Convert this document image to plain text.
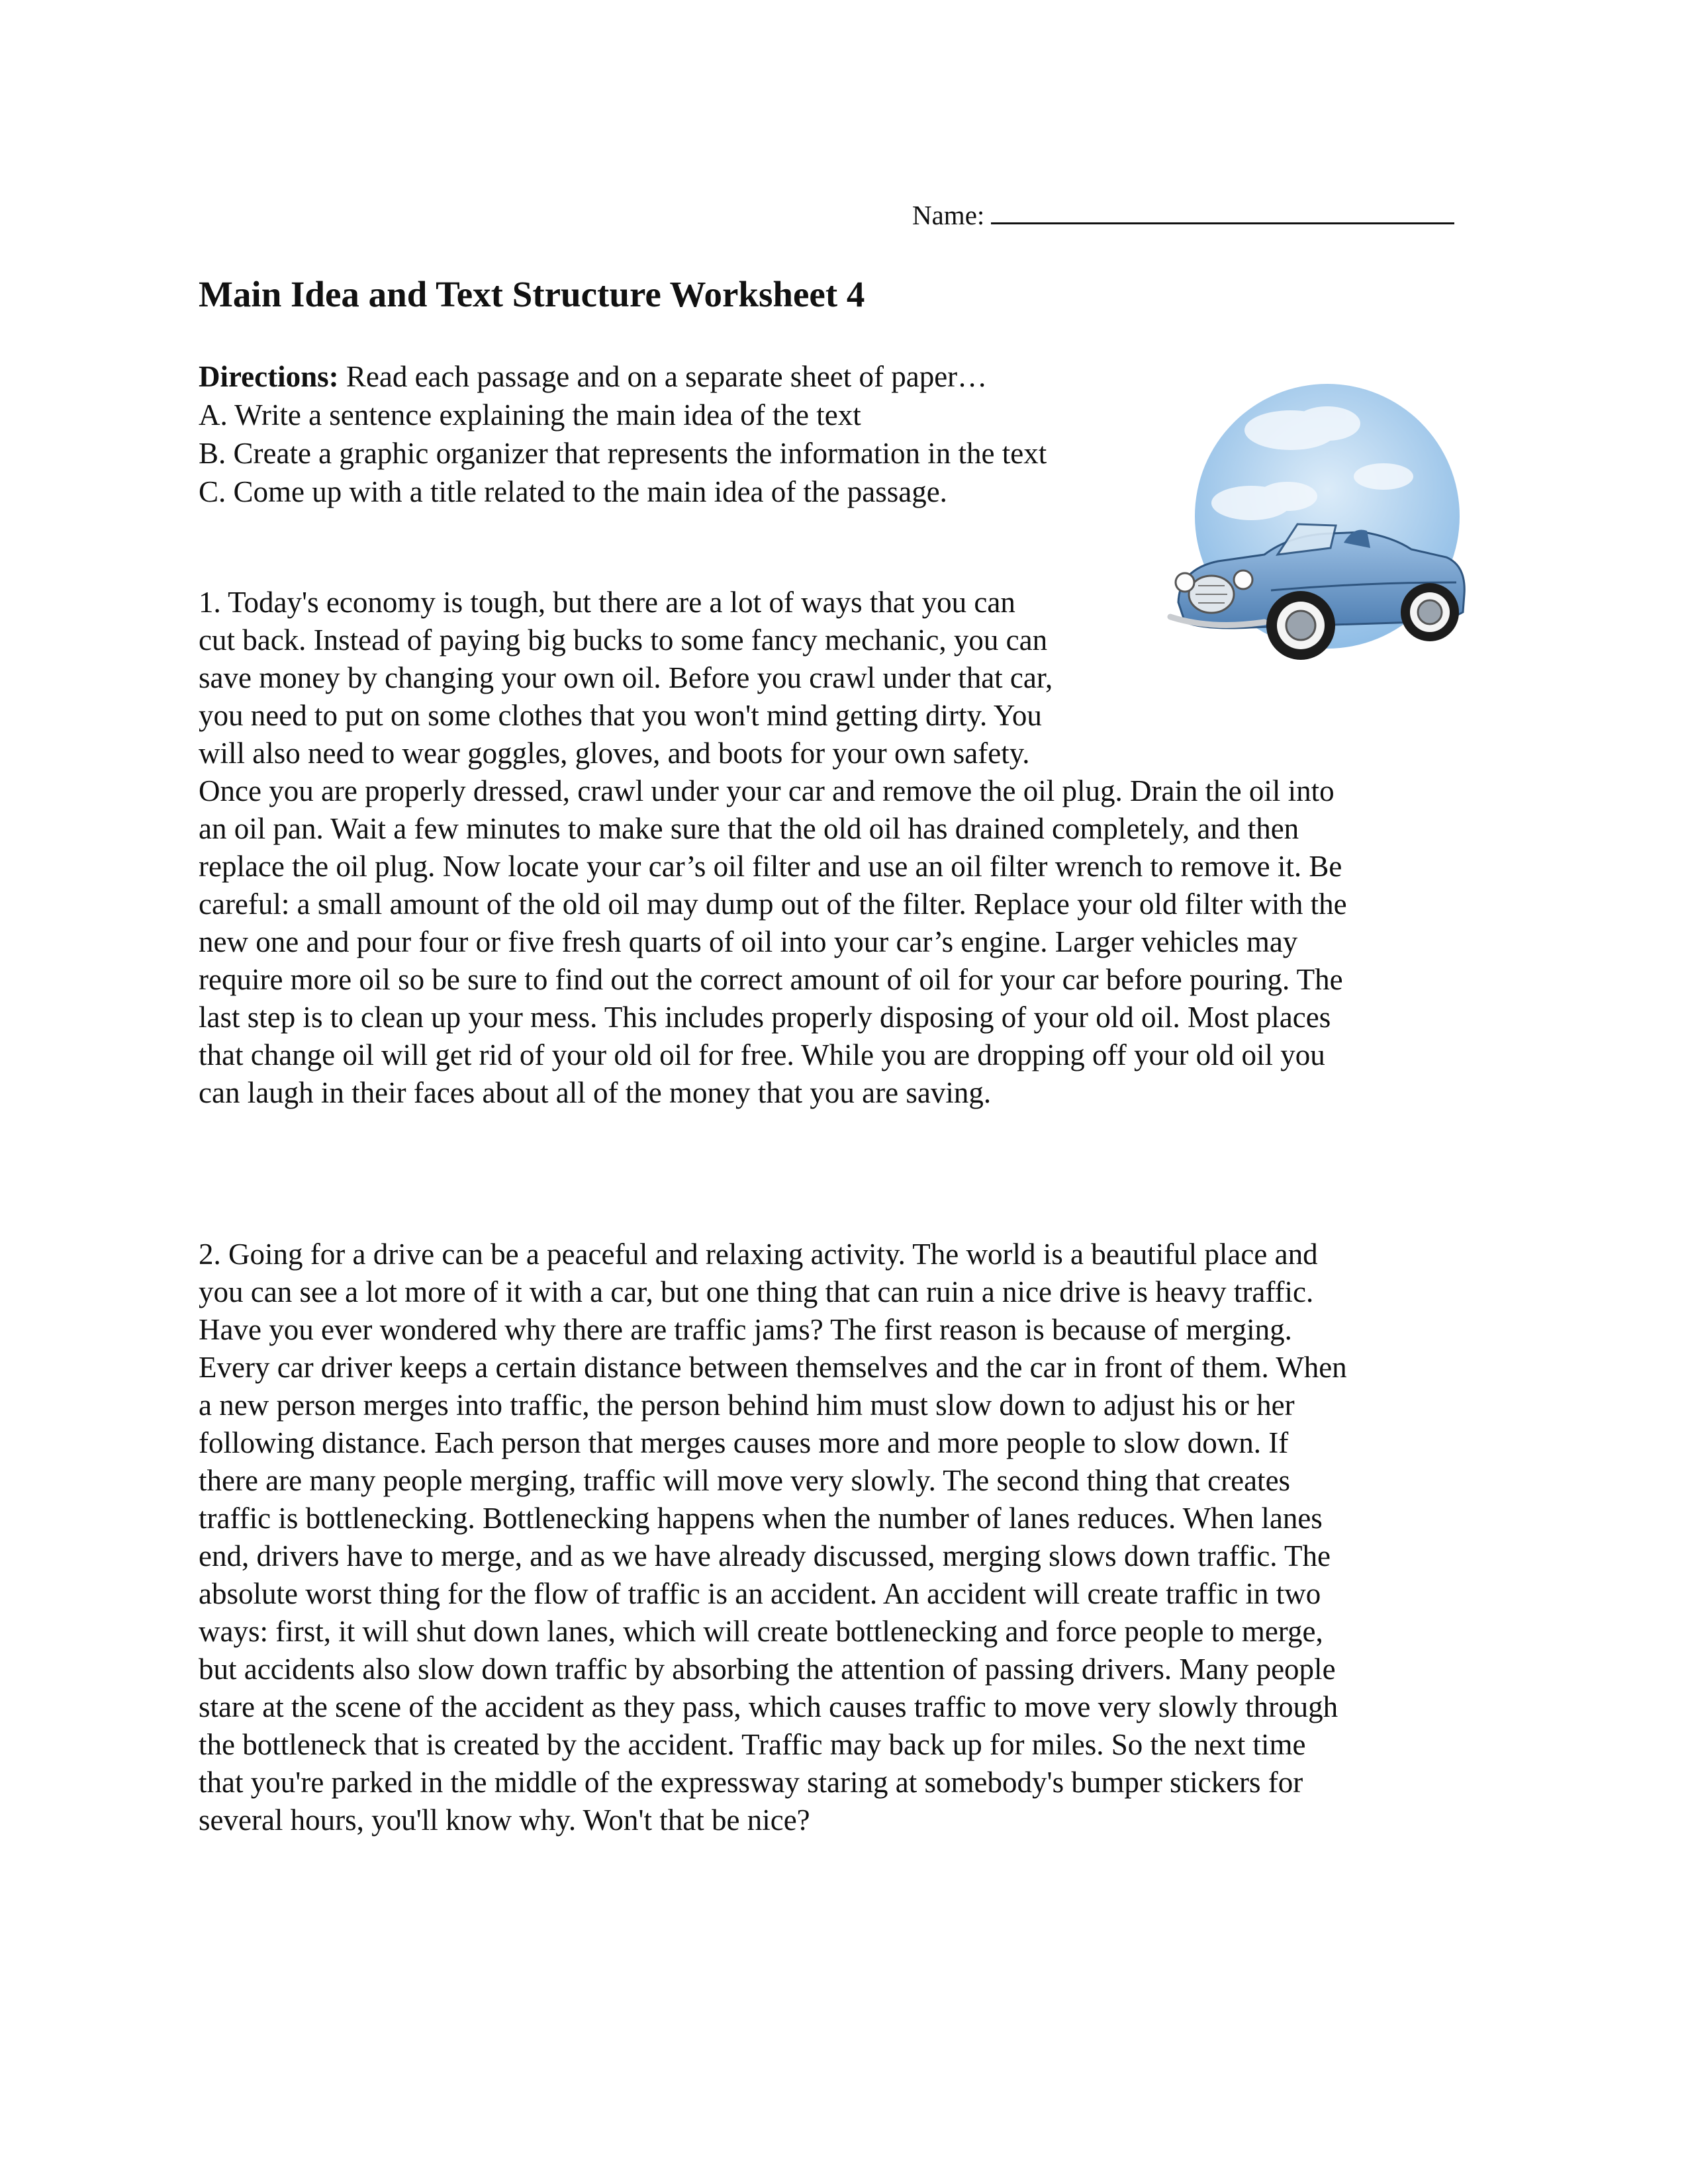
Name:
Main Idea and Text Structure Worksheet 4
Directions: Read each passage and on a separate sheet of paper…
A. Write a sentence explaining the main idea of the text
B. Create a graphic organizer that represents the information in the text
C. Come up with a title related to the main idea of the passage.
1. Today's economy is tough, but there are a lot of ways that you can
cut back. Instead of paying big bucks to some fancy mechanic, you can
save money by changing your own oil. Before you crawl under that car,
you need to put on some clothes that you won't mind getting dirty. You
will also need to wear goggles, gloves, and boots for your own safety.
Once you are properly dressed, crawl under your car and remove the oil plug. Drain the oil into
an oil pan. Wait a few minutes to make sure that the old oil has drained completely, and then
replace the oil plug. Now locate your car’s oil filter and use an oil filter wrench to remove it. Be
careful: a small amount of the old oil may dump out of the filter. Replace your old filter with the
new one and pour four or five fresh quarts of oil into your car’s engine. Larger vehicles may
require more oil so be sure to find out the correct amount of oil for your car before pouring. The
last step is to clean up your mess. This includes properly disposing of your old oil. Most places
that change oil will get rid of your old oil for free. While you are dropping off your old oil you
can laugh in their faces about all of the money that you are saving.
2. Going for a drive can be a peaceful and relaxing activity. The world is a beautiful place and
you can see a lot more of it with a car, but one thing that can ruin a nice drive is heavy traffic.
Have you ever wondered why there are traffic jams? The first reason is because of merging.
Every car driver keeps a certain distance between themselves and the car in front of them. When
a new person merges into traffic, the person behind him must slow down to adjust his or her
following distance. Each person that merges causes more and more people to slow down. If
there are many people merging, traffic will move very slowly. The second thing that creates
traffic is bottlenecking. Bottlenecking happens when the number of lanes reduces. When lanes
end, drivers have to merge, and as we have already discussed, merging slows down traffic. The
absolute worst thing for the flow of traffic is an accident. An accident will create traffic in two
ways: first, it will shut down lanes, which will create bottlenecking and force people to merge,
but accidents also slow down traffic by absorbing the attention of passing drivers. Many people
stare at the scene of the accident as they pass, which causes traffic to move very slowly through
the bottleneck that is created by the accident. Traffic may back up for miles. So the next time
that you're parked in the middle of the expressway staring at somebody's bumper stickers for
several hours, you'll know why. Won't that be nice?
